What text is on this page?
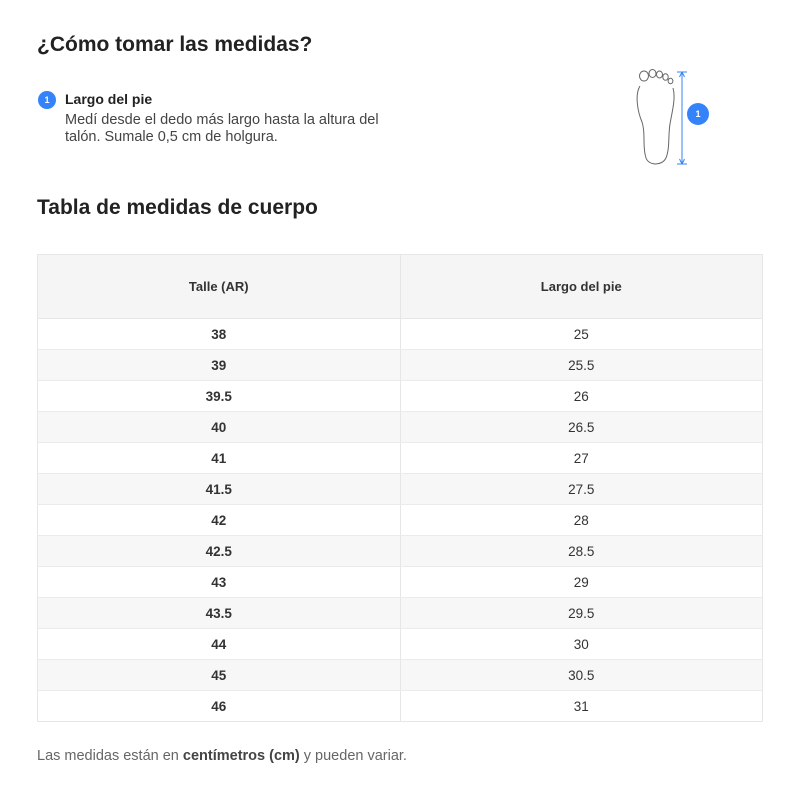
¿Cómo tomar las medidas?
1	Largo del pie
Medí desde el dedo más largo hasta la altura del talón. Sumale 0,5 cm de holgura.
1
Tabla de medidas de cuerpo
Talle (AR)	Largo del pie
38	25
39	25.5
39.5	26
40	26.5
41	27
41.5	27.5
42	28
42.5	28.5
43	29
43.5	29.5
44	30
45	30.5
46	31
Las medidas están en centímetros (cm) y pueden variar.
